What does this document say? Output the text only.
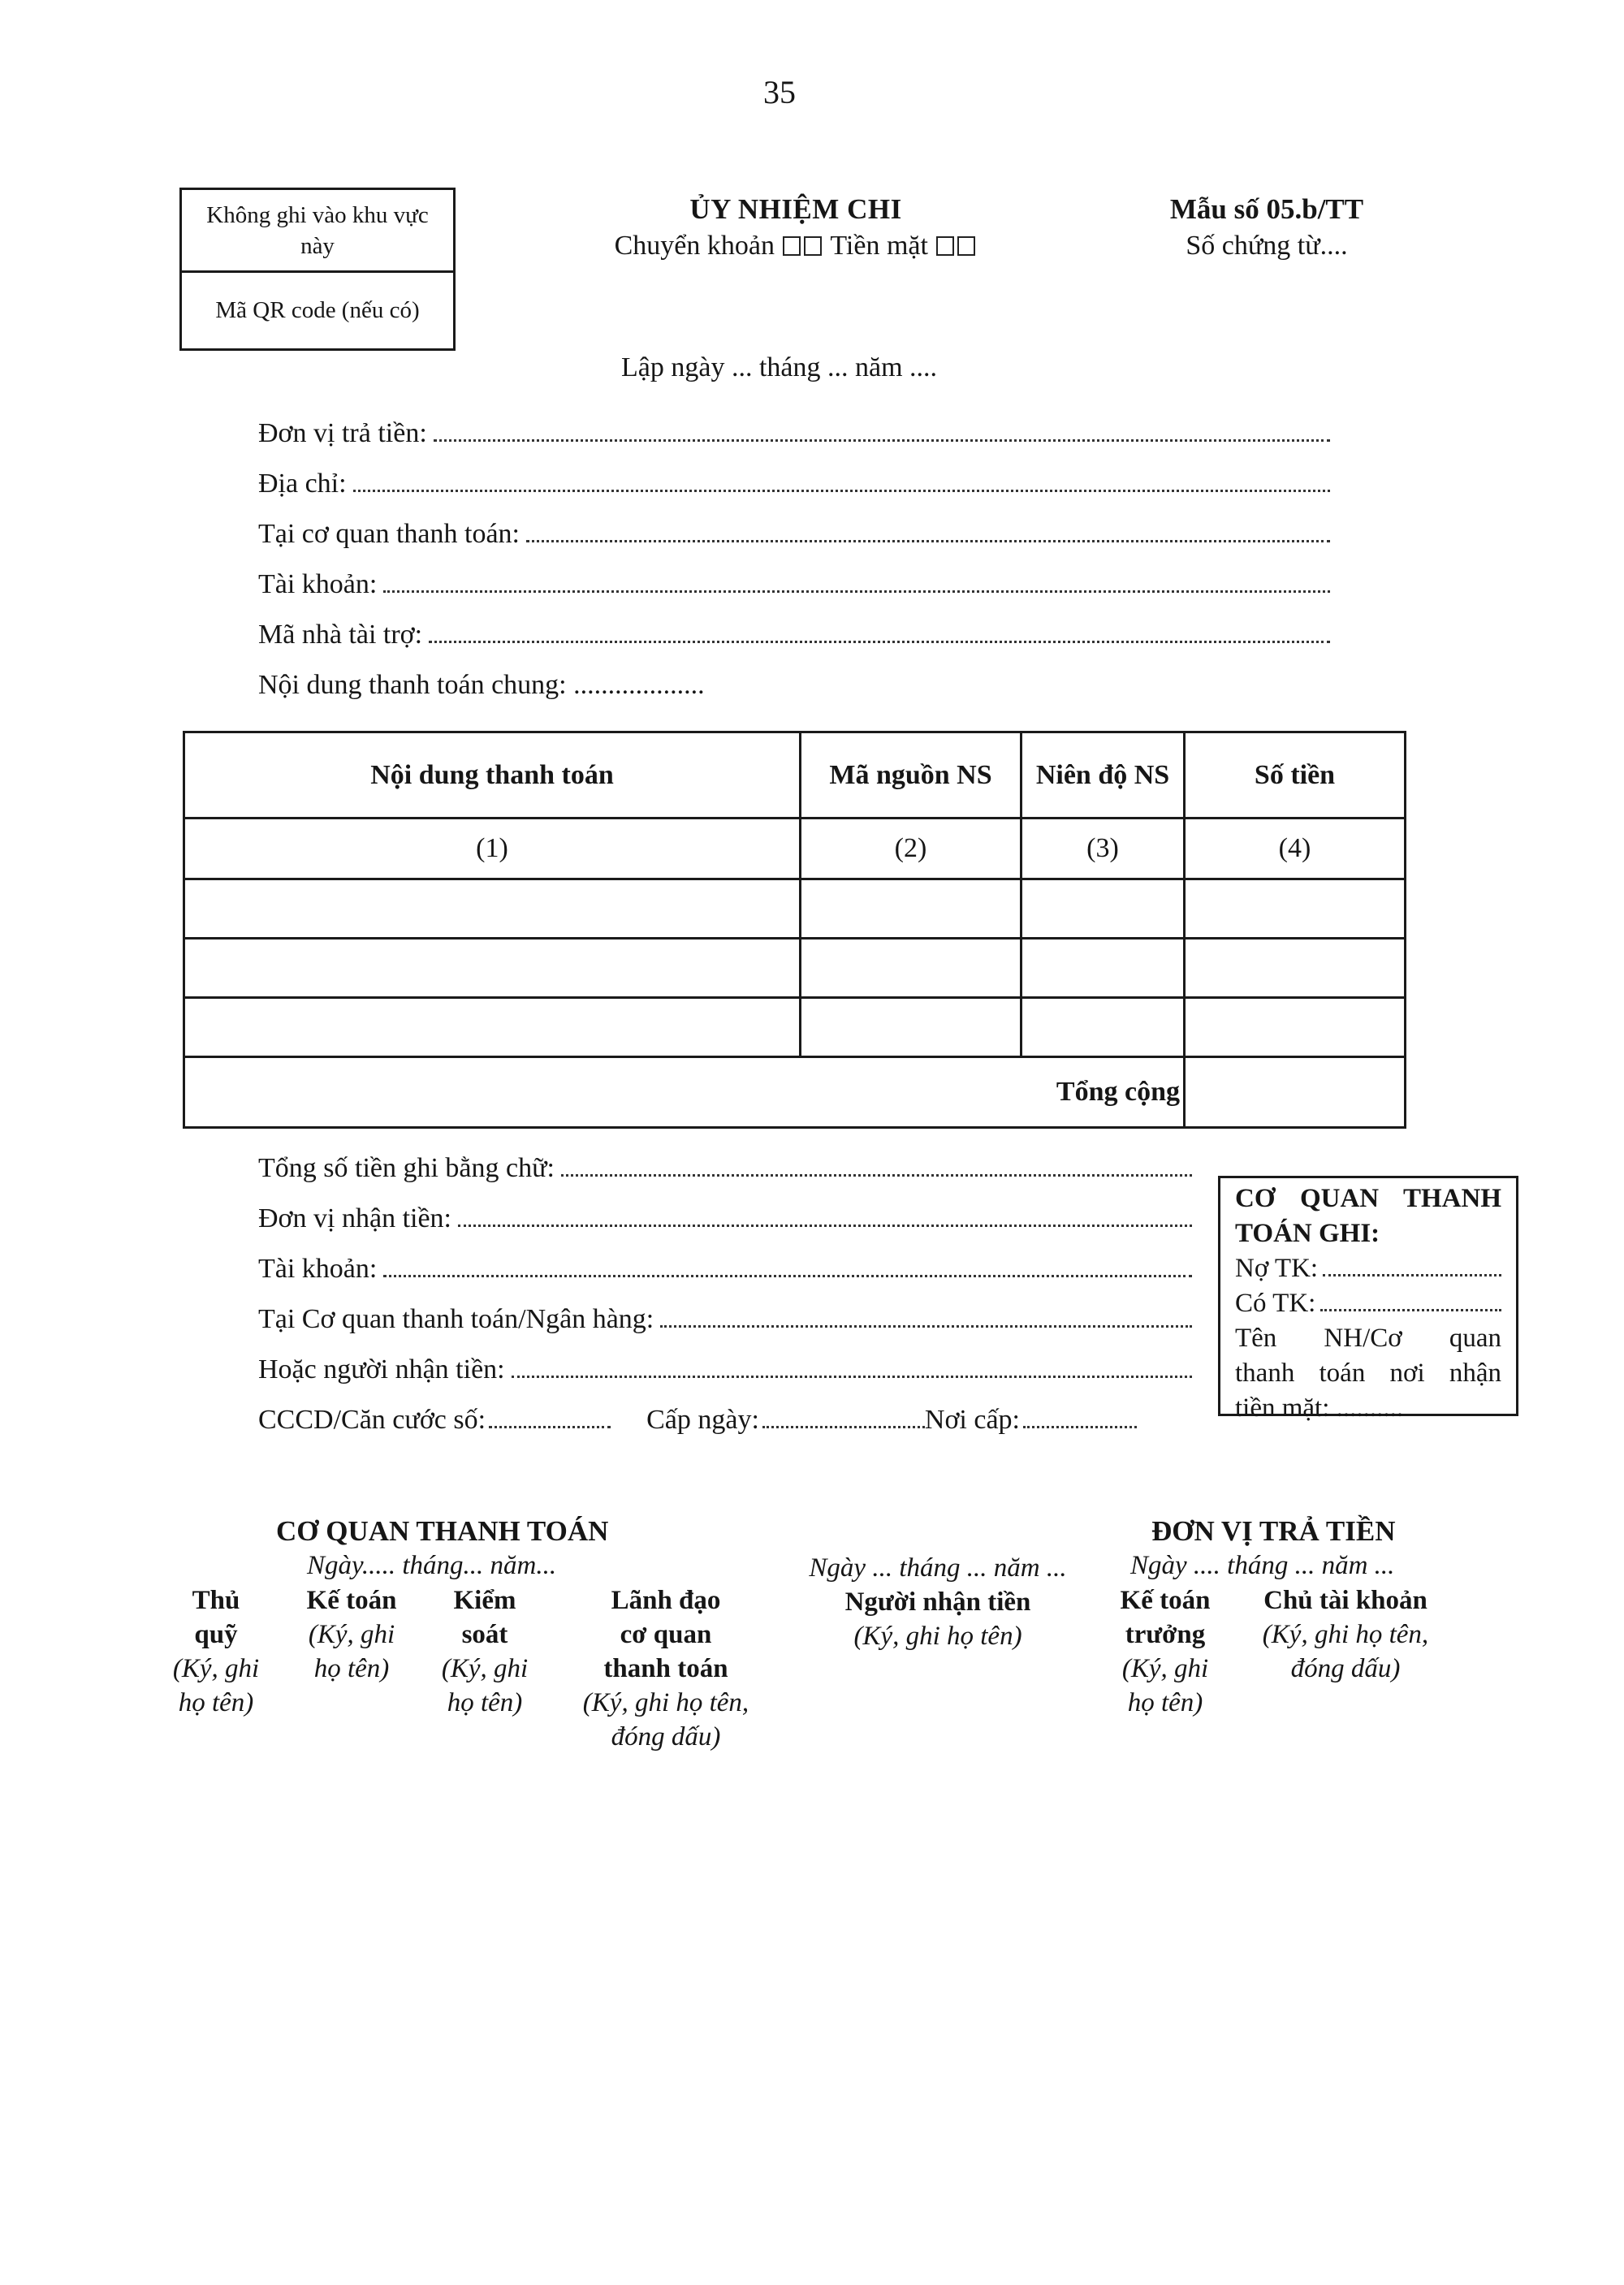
35
Không ghi vào khu vực này
Mã QR code (nếu có)
ỦY NHIỆM CHI
Chuyển khoản Tiền mặt
Mẫu số 05.b/TT
Số chứng từ....
Lập ngày ... tháng ... năm ....
Đơn vị trả tiền:
Địa chỉ:
Tại cơ quan thanh toán:
Tài khoản:
Mã nhà tài trợ:
Nội dung thanh toán chung: ...................
Nội dung thanh toán	Mã nguồn NS	Niên độ NS	Số tiền
(1)	(2)	(3)	(4)

Tổng cộng			
Tổng số tiền ghi bằng chữ:
Đơn vị nhận tiền:
Tài khoản:
Tại Cơ quan thanh toán/Ngân hàng:
Hoặc người nhận tiền:
CCCD/Căn cước số:	Cấp ngày:	Nơi cấp:
CƠ QUAN THANH
TOÁN GHI:
Nợ TK:
Có TK:
Tên NH/Cơ quan
thanh toán nơi nhận
tiền mặt: ..........
CƠ QUAN THANH TOÁN
Ngày..... tháng... năm...
Thủ
quỹ
(Ký, ghi
họ tên)
Kế toán
(Ký, ghi
họ tên)
Kiểm
soát
(Ký, ghi
họ tên)
Lãnh đạo
cơ quan
thanh toán
(Ký, ghi họ tên,
đóng dấu)
Ngày ... tháng ... năm ...
Người nhận tiền
(Ký, ghi họ tên)
ĐƠN VỊ TRẢ TIỀN
Ngày .... tháng ... năm ...
Kế toán
trưởng
(Ký, ghi
họ tên)
Chủ tài khoản
(Ký, ghi họ tên,
đóng dấu)
